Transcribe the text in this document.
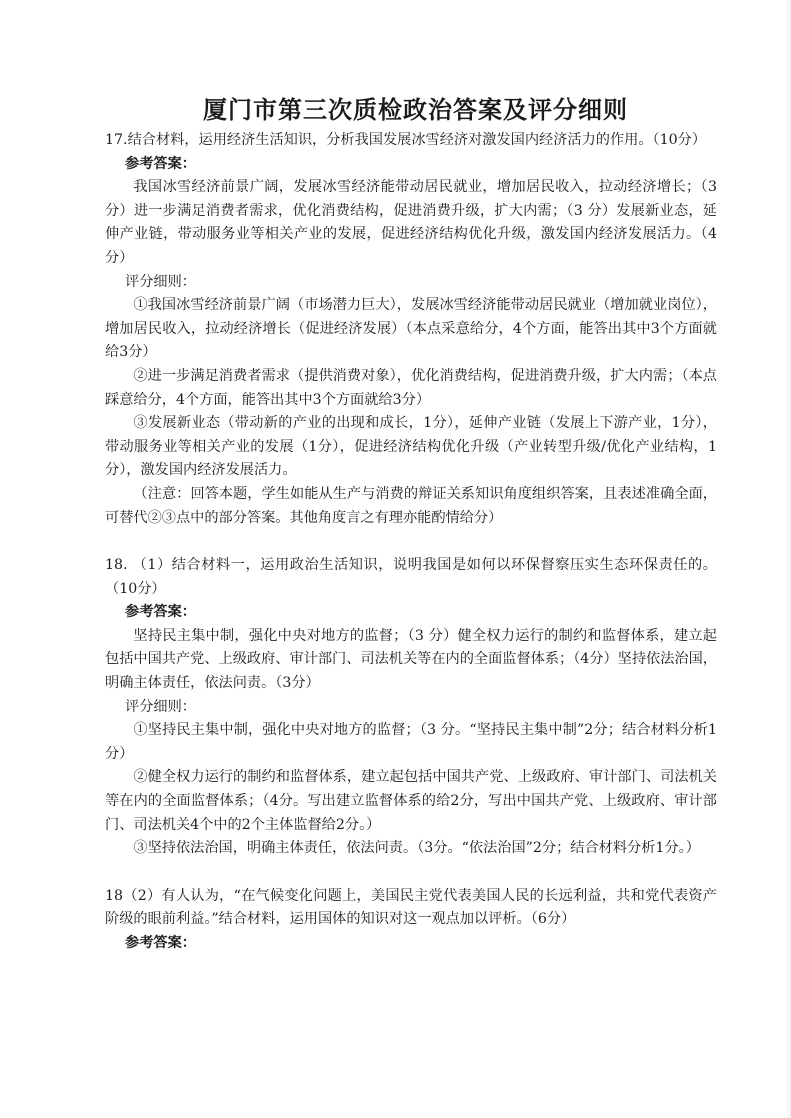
厦门市第三次质检政治答案及评分细则

17.结合材料，运用经济生活知识，分析我国发展冰雪经济对激发国内经济活力的作用。（10分）

参考答案：

我国冰雪经济前景广阔，发展冰雪经济能带动居民就业，增加居民收入，拉动经济增长；（3 分）进一步满足消费者需求，优化消费结构，促进消费升级，扩大内需；（3 分）发展新业态，延伸产业链，带动服务业等相关产业的发展，促进经济结构优化升级，激发国内经济发展活力。（4分）

评分细则：

①我国冰雪经济前景广阔（市场潜力巨大），发展冰雪经济能带动居民就业（增加就业岗位），增加居民收入，拉动经济增长（促进经济发展）（本点采意给分，4个方面，能答出其中3个方面就给3分）

②进一步满足消费者需求（提供消费对象），优化消费结构，促进消费升级，扩大内需；（本点踩意给分，4个方面，能答出其中3个方面就给3分）

③发展新业态（带动新的产业的出现和成长，1分），延伸产业链（发展上下游产业，1分），带动服务业等相关产业的发展（1分），促进经济结构优化升级（产业转型升级/优化产业结构，1分），激发国内经济发展活力。

（注意：回答本题，学生如能从生产与消费的辩证关系知识角度组织答案，且表述准确全面，可替代②③点中的部分答案。其他角度言之有理亦能酌情给分）

18. （1）结合材料一，运用政治生活知识，说明我国是如何以环保督察压实生态环保责任的。（10分）

参考答案：

坚持民主集中制，强化中央对地方的监督；（3 分）健全权力运行的制约和监督体系，建立起包括中国共产党、上级政府、审计部门、司法机关等在内的全面监督体系；（4分）坚持依法治国，明确主体责任，依法问责。（3分）

评分细则：

①坚持民主集中制，强化中央对地方的监督；（3 分。“坚持民主集中制”2分；结合材料分析1分）

②健全权力运行的制约和监督体系，建立起包括中国共产党、上级政府、审计部门、司法机关等在内的全面监督体系；（4分。写出建立监督体系的给2分，写出中国共产党、上级政府、审计部门、司法机关4个中的2个主体监督给2分。）

③坚持依法治国，明确主体责任，依法问责。（3分。“依法治国”2分；结合材料分析1分。）

18（2）有人认为，“在气候变化问题上，美国民主党代表美国人民的长远利益，共和党代表资产阶级的眼前利益。”结合材料，运用国体的知识对这一观点加以评析。（6分）

参考答案：
